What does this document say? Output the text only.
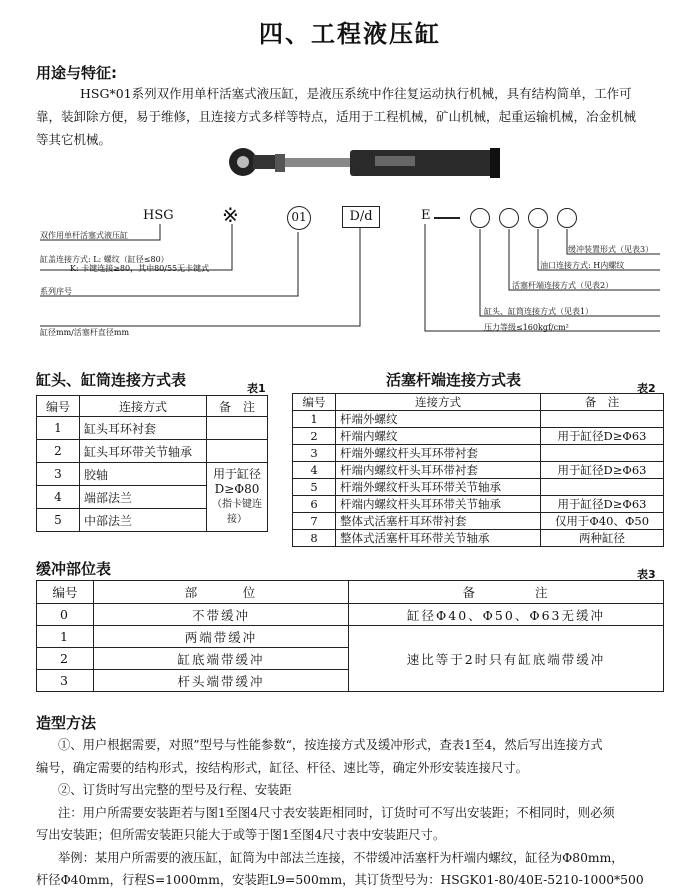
四、工程液压缸
用途与特征:
HSG*01系列双作用单杆活塞式液压缸，是液压系统中作往复运动执行机械，具有结构简单，工作可
靠，装卸除方便，易于维修，且连接方式多样等特点，适用于工程机械，矿山机械，起重运输机械，冶金机械
等其它机械。
HSG ※	01	D/d	E
双作用单杆活塞式液压缸
缸盖连接方式: L: 螺纹（缸径≤80）
K: 卡键连接≥80，其中80/55无卡键式
系列序号
缸径mm/活塞杆直径mm
缓冲装置形式（见表3）
油口连接方式: H内螺纹
活塞杆端连接方式（见表2）
缸头、缸筒连接方式（见表1）
压力等级≤160kgf/cm²
缸头、缸筒连接方式表	表1
编号	连接方式	备　注
1	缸头耳环衬套	
2	缸头耳环带关节轴承	
3	胶轴	用于缸径
D≥Φ80
（指卡键连接）

4	端部法兰	
5	中部法兰	
活塞杆端连接方式表	表2
编号	连接方式	备　注
1	杆端外螺纹	
2	杆端内螺纹	用于缸径D≥Φ63
3	杆端外螺纹杆头耳环带衬套	
4	杆端内螺纹杆头耳环带衬套	用于缸径D≥Φ63
5	杆端外螺纹杆头耳环带关节轴承	
6	杆端内螺纹杆头耳环带关节轴承	用于缸径D≥Φ63
7	整体式活塞杆耳环带衬套	仅用于Φ40、Φ50
8	整体式活塞杆耳环带关节轴承	两种缸径
缓冲部位表	表3
编号	部　　　位	备　　　　注
0	不带缓冲	缸径Φ40、Φ50、Φ63无缓冲
1	两端带缓冲	速比等于2时只有缸底端带缓冲
2	缸底端带缓冲	
3	杆头端带缓冲	
造型方法
①、用户根据需要，对照”型号与性能参数“，按连接方式及缓冲形式，查表1至4，然后写出连接方式
编号，确定需要的结构形式，按结构形式，缸径、杆径、速比等，确定外形安装连接尺寸。
②、订货时写出完整的型号及行程、安装距
注：用户所需要安装距若与图1至图4尺寸表安装距相同时，订货时可不写出安装距；不相同时，则必须
写出安装距；但所需安装距只能大于或等于图1至图4尺寸表中安装距尺寸。
举例：某用户所需要的液压缸，缸筒为中部法兰连接，不带缓冲活塞杆为杆端内螺纹，缸径为Φ80mm，
杆径Φ40mm，行程S=1000mm，安装距L9=500mm，其订货型号为：HSGK01-80/40E-5210-1000*500
